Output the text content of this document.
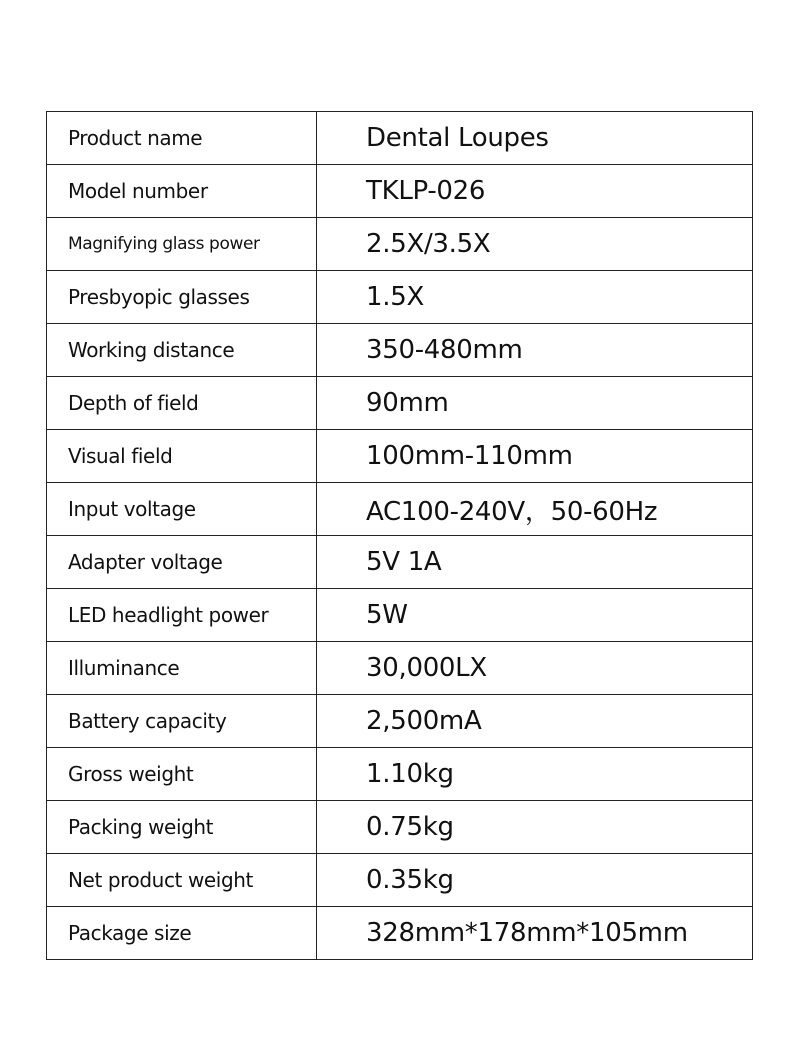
Product name	Dental Loupes
Model number	TKLP-026
Magnifying glass power	2.5X/3.5X
Presbyopic glasses	1.5X
Working distance	350-480mm
Depth of field	90mm
Visual field	100mm-110mm
Input voltage	AC100-240V，50-60Hz
Adapter voltage	5V 1A
LED headlight power	5W
Illuminance	30,000LX
Battery capacity	2,500mA
Gross weight	1.10kg
Packing weight	0.75kg
Net product weight	0.35kg
Package size	328mm*178mm*105mm
